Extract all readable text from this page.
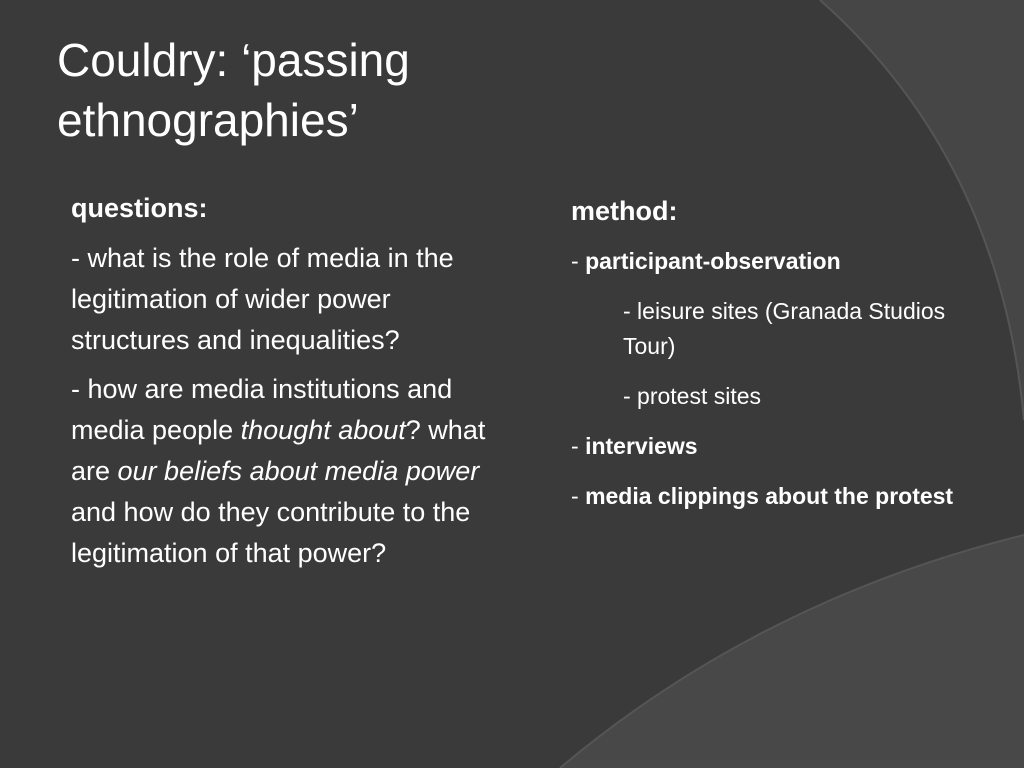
Couldry: ‘passing ethnographies’
questions:

- what is the role of media in the legitimation of wider power structures and inequalities?

- how are media institutions and media people thought about? what are our beliefs about media power and how do they contribute to the legitimation of that power?

method:

- participant-observation

- leisure sites (Granada Studios Tour)

- protest sites

- interviews

- media clippings about the protest
